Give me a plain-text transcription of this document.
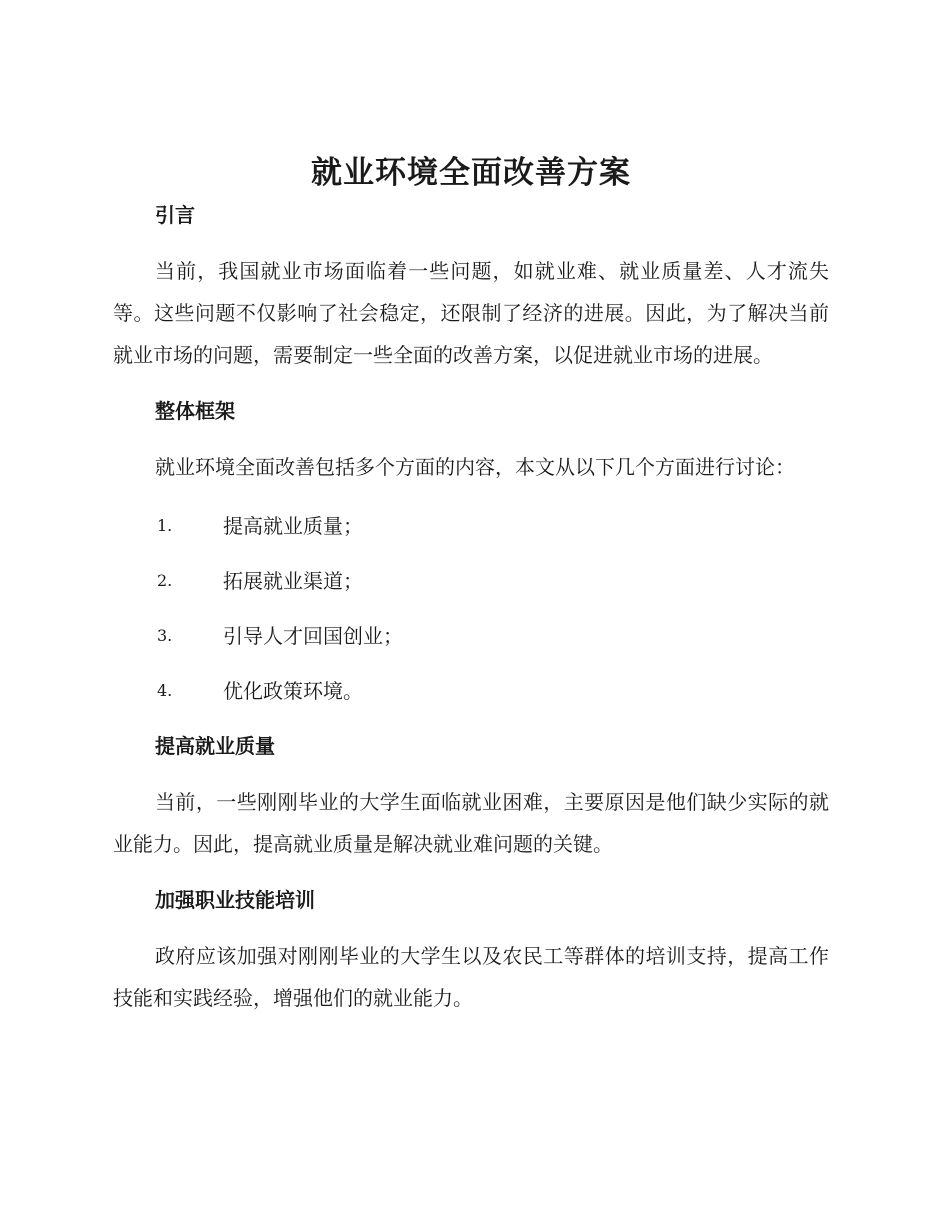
就业环境全面改善方案
引言

当前，我国就业市场面临着一些问题，如就业难、就业质量差、人才流失等。这些问题不仅影响了社会稳定，还限制了经济的进展。因此，为了解决当前就业市场的问题，需要制定一些全面的改善方案，以促进就业市场的进展。

整体框架

就业环境全面改善包括多个方面的内容，本文从以下几个方面进行讨论：

1.	提高就业质量；
2.	拓展就业渠道；
3.	引导人才回国创业；
4.	优化政策环境。
提高就业质量

当前，一些刚刚毕业的大学生面临就业困难，主要原因是他们缺少实际的就业能力。因此，提高就业质量是解决就业难问题的关键。

加强职业技能培训

政府应该加强对刚刚毕业的大学生以及农民工等群体的培训支持，提高工作技能和实践经验，增强他们的就业能力。
